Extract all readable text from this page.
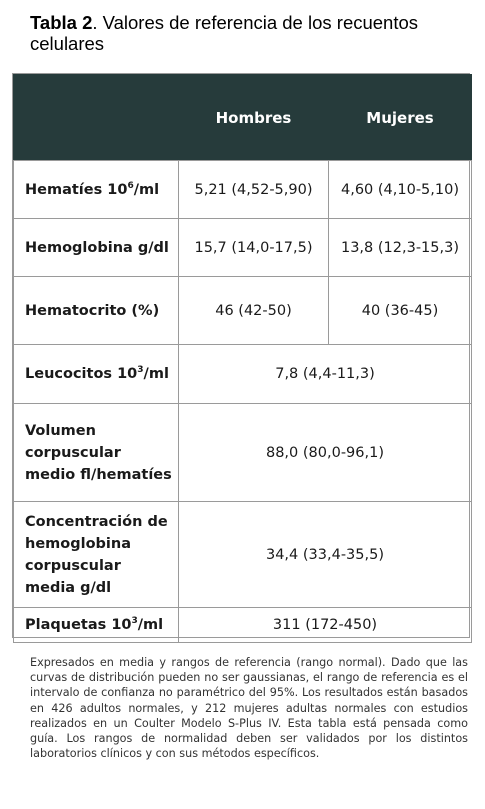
Tabla 2. Valores de referencia de los recuentos celulares
	Hombres	Mujeres
Hematíes $10^6/ml$	5,21 (4,52-5,90)	4,60 (4,10-5,10)
Hemoglobina g/dl	15,7 (14,0-17,5)	13,8 (12,3-15,3)
Hematocrito (%)	46 (42-50)	40 (36-45)
Leucocitos $10^3/ml$	7,8 (4,4-11,3)	
Volumen corpuscular medio fl/hematíes	88,0 (80,0-96,1)	
Concentración de hemoglobina corpuscular media g/dl	34,4 (33,4-35,5)	
Plaquetas $10^3/ml$	311 (172-450)	
Expresados en media y rangos de referencia (rango normal). Dado que las curvas de distribución pueden no ser gaussianas, el rango de referencia es el intervalo de confianza no paramétrico del 95%. Los resultados están basados en 426 adultos normales, y 212 mujeres adultas normales con estudios realizados en un Coulter Modelo S-Plus IV. Esta tabla está pensada como guía. Los rangos de normalidad deben ser validados por los distintos laboratorios clínicos y con sus métodos específicos.
